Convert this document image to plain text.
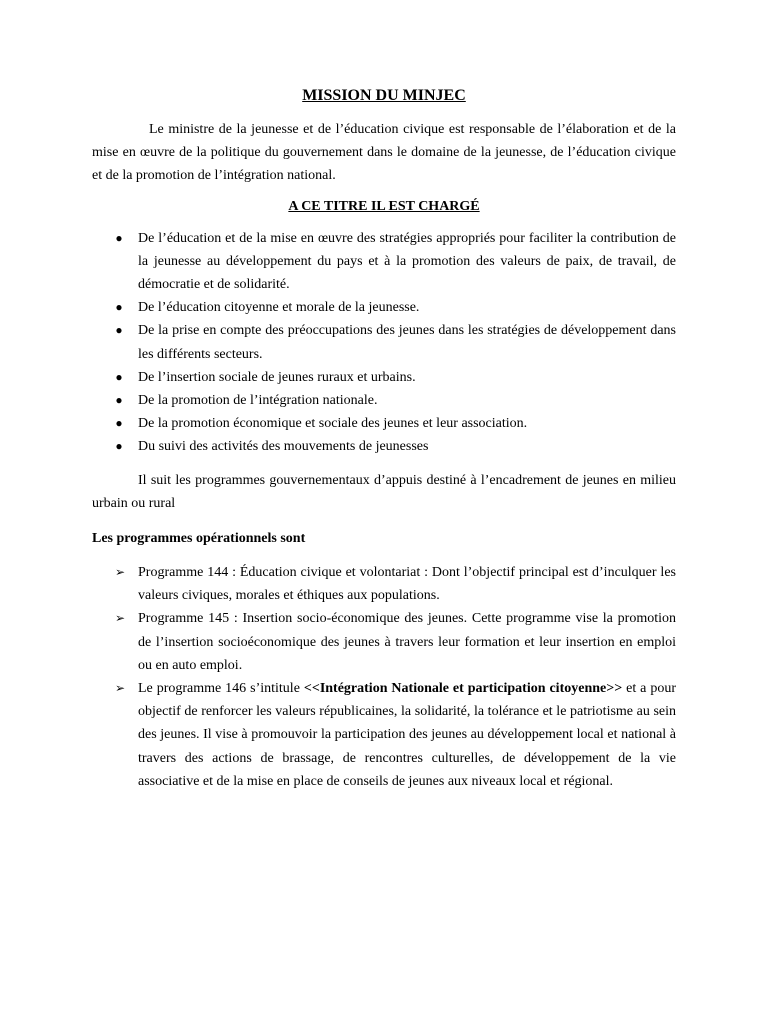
MISSION DU MINJEC

Le ministre de la jeunesse et de l’éducation civique est responsable de l’élaboration et de la mise en œuvre de la politique du gouvernement dans le domaine de la jeunesse, de l’éducation civique et de la promotion de l’intégration national.

A CE TITRE IL EST CHARGÉ
● De l’éducation et de la mise en œuvre des stratégies appropriés pour faciliter la contribution de la jeunesse au développement du pays et à la promotion des valeurs de paix, de travail, de démocratie et de solidarité.
● De l’éducation citoyenne et morale de la jeunesse.
● De la prise en compte des préoccupations des jeunes dans les stratégies de développement dans les différents secteurs.
● De l’insertion sociale de jeunes ruraux et urbains.
● De la promotion de l’intégration nationale.
● De la promotion économique et sociale des jeunes et leur association.
● Du suivi des activités des mouvements de jeunesses

Il suit les programmes gouvernementaux d’appuis destiné à l’encadrement de jeunes en milieu urbain ou rural

Les programmes opérationnels sont
➢ Programme 144 : Éducation civique et volontariat : Dont l’objectif principal est d’inculquer les valeurs civiques, morales et éthiques aux populations.
➢ Programme 145 : Insertion socio-économique des jeunes. Cette programme vise la promotion de l’insertion socioéconomique des jeunes à travers leur formation et leur insertion en emploi ou en auto emploi.
➢ Le programme 146 s’intitule <<Intégration Nationale et participation citoyenne>> et a pour objectif de renforcer les valeurs républicaines, la solidarité, la tolérance et le patriotisme au sein des jeunes. Il vise à promouvoir la participation des jeunes au développement local et national à travers des actions de brassage, de rencontres culturelles, de développement de la vie associative et de la mise en place de conseils de jeunes aux niveaux local et régional.
